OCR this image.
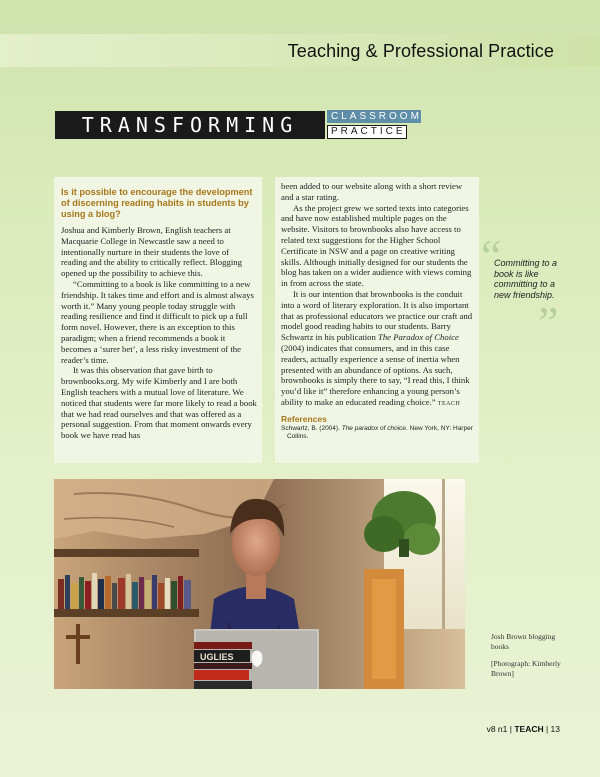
Teaching & Professional Practice
TRANSFORMING	CLASSROOM
PRACTICE
Is it possible to encourage the development of discerning reading habits in students by using a blog?

Joshua and Kimberly Brown, English teachers at Macquarie College in Newcastle saw a need to intentionally nurture in their students the love of reading and the ability to critically reflect. Blogging opened up the possibility to achieve this.

“Committing to a book is like committing to a new friendship. It takes time and effort and is almost always worth it.” Many young people today struggle with reading resilience and find it difficult to pick up a full form novel. However, there is an exception to this paradigm; when a friend recommends a book it becomes a ‘surer bet’, a less risky investment of the reader’s time.

It was this observation that gave birth to brownbooks.org. My wife Kimberly and I are both English teachers with a mutual love of literature. We noticed that students were far more likely to read a book that we had read ourselves and that was offered as a personal suggestion. From that moment onwards every book we have read has

been added to our website along with a short review and a star rating.

As the project grew we sorted texts into categories and have now established multiple pages on the website. Visitors to brownbooks also have access to related text suggestions for the Higher School Certificate in NSW and a page on creative writing skills. Although initially designed for our students the blog has taken on a wider audience with views coming in from across the state.

It is our intention that brownbooks is the conduit into a word of literary exploration. It is also important that as professional educators we practice our craft and model good reading habits to our students. Barry Schwartz in his publication The Paradox of Choice (2004) indicates that consumers, and in this case readers, actually experience a sense of inertia when presented with an abundance of options. As such, brownbooks is simply there to say, “I read this, I think you’d like it” therefore enhancing a young person’s ability to make an educated reading choice.” TEACH

References
Schwartz, B. (2004). The paradox of choice. New York, NY: Harper Collins.
“
Committing to a book is like committing to a new friendship.
”
UGLIES
Josh Brown blogging books
[Photograph: Kimberly Brown]
v8 n1 | TEACH | 13
